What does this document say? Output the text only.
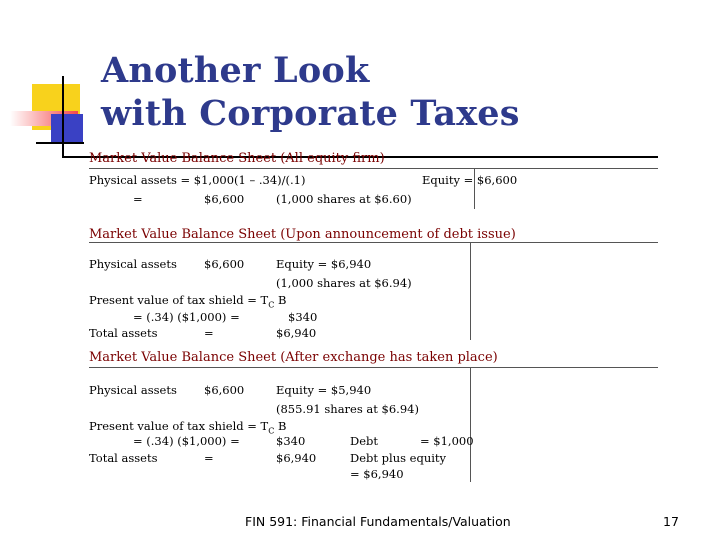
Another Look
with Corporate Taxes
Market Value Balance Sheet (All equity firm)
Physical assets = $1,000(1 – .34)/(.1)	Equity = $6,600
=	$6,600	(1,000 shares at $6.60)
Market Value Balance Sheet (Upon announcement of debt issue)
Physical assets $6,600	Equity = $6,940
(1,000 shares at $6.94)
Present value of tax shield = $T_C$ B
= (.34) ($1,000) =	$340
Total assets	=	$6,940
Market Value Balance Sheet (After exchange has taken place)
Physical assets $6,600	Equity = $5,940
(855.91 shares at $6.94)
Present value of tax shield = $T_C$ B
= (.34) ($1,000) =	$340	Debt	= $1,000
Total assets	=	$6,940	Debt plus equity
= $6,940
FIN 591: Financial Fundamentals/Valuation	17
